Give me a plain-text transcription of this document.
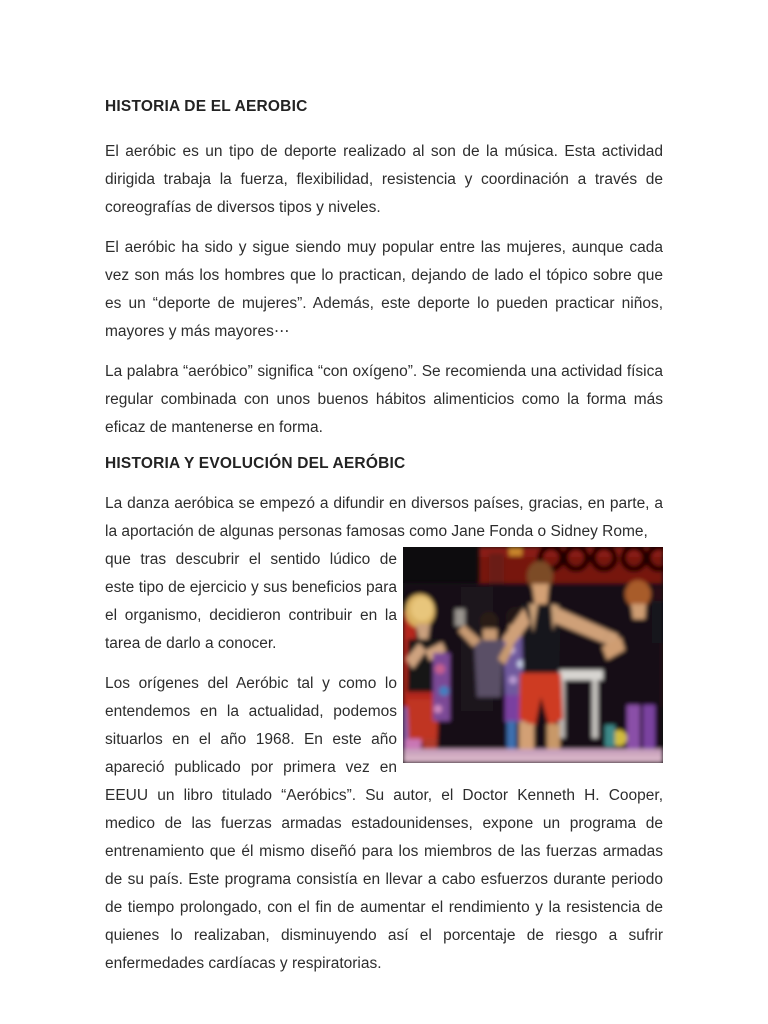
HISTORIA DE EL AEROBIC

El aeróbic es un tipo de deporte realizado al son de la música. Esta actividad dirigida trabaja la fuerza, flexibilidad, resistencia y coordinación a través de coreografías de diversos tipos y niveles.

El aeróbic ha sido y sigue siendo muy popular entre las mujeres, aunque cada vez son más los hombres que lo practican, dejando de lado el tópico sobre que es un “deporte de mujeres”. Además, este deporte lo pueden practicar niños, mayores y más mayores⋯

La palabra “aeróbico” significa “con oxígeno”. Se recomienda una actividad física regular combinada con unos buenos hábitos alimenticios como la forma más eficaz de mantenerse en forma.

HISTORIA Y EVOLUCIÓN DEL AERÓBIC

La danza aeróbica se empezó a difundir en diversos países, gracias, en parte, a la aportación de algunas personas famosas como Jane Fonda o Sidney Rome,

que tras descubrir el sentido lúdico de este tipo de ejercicio y sus beneficios para el organismo, decidieron contribuir en la tarea de darlo a conocer.

Los orígenes del Aeróbic tal y como lo entendemos en la actualidad, podemos situarlos en el año 1968. En este año apareció publicado por primera vez en EEUU un libro titulado “Aeróbics”. Su autor, el Doctor Kenneth H. Cooper, medico de las fuerzas armadas estadounidenses, expone un programa de entrenamiento que él mismo diseñó para los miembros de las fuerzas armadas de su país. Este programa consistía en llevar a cabo esfuerzos durante periodo de tiempo prolongado, con el fin de aumentar el rendimiento y la resistencia de quienes lo realizaban, disminuyendo así el porcentaje de riesgo a sufrir enfermedades cardíacas y respiratorias.
